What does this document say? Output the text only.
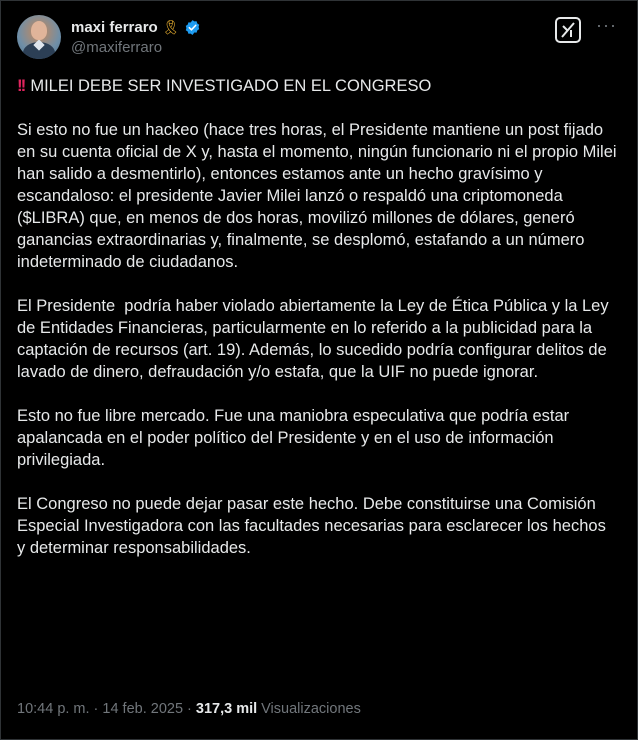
maxi ferraro 🎗
@maxiferraro
···

!! MILEI DEBE SER INVESTIGADO EN EL CONGRESO

Si esto no fue un hackeo (hace tres horas, el Presidente mantiene un post fijado en su cuenta oficial de X y, hasta el momento, ningún funcionario ni el propio Milei han salido a desmentirlo), entonces estamos ante un hecho gravísimo y escandaloso: el presidente Javier Milei lanzó o respaldó una criptomoneda ($LIBRA) que, en menos de dos horas, movilizó millones de dólares, generó ganancias extraordinarias y, finalmente, se desplomó, estafando a un número indeterminado de ciudadanos.

El Presidente  podría haber violado abiertamente la Ley de Ética Pública y la Ley de Entidades Financieras, particularmente en lo referido a la publicidad para la captación de recursos (art. 19). Además, lo sucedido podría configurar delitos de lavado de dinero, defraudación y/o estafa, que la UIF no puede ignorar.

Esto no fue libre mercado. Fue una maniobra especulativa que podría estar apalancada en el poder político del Presidente y en el uso de información privilegiada.

El Congreso no puede dejar pasar este hecho. Debe constituirse una Comisión Especial Investigadora con las facultades necesarias para esclarecer los hechos y determinar responsabilidades.

10:44 p. m. · 14 feb. 2025 · 317,3 mil Visualizaciones
